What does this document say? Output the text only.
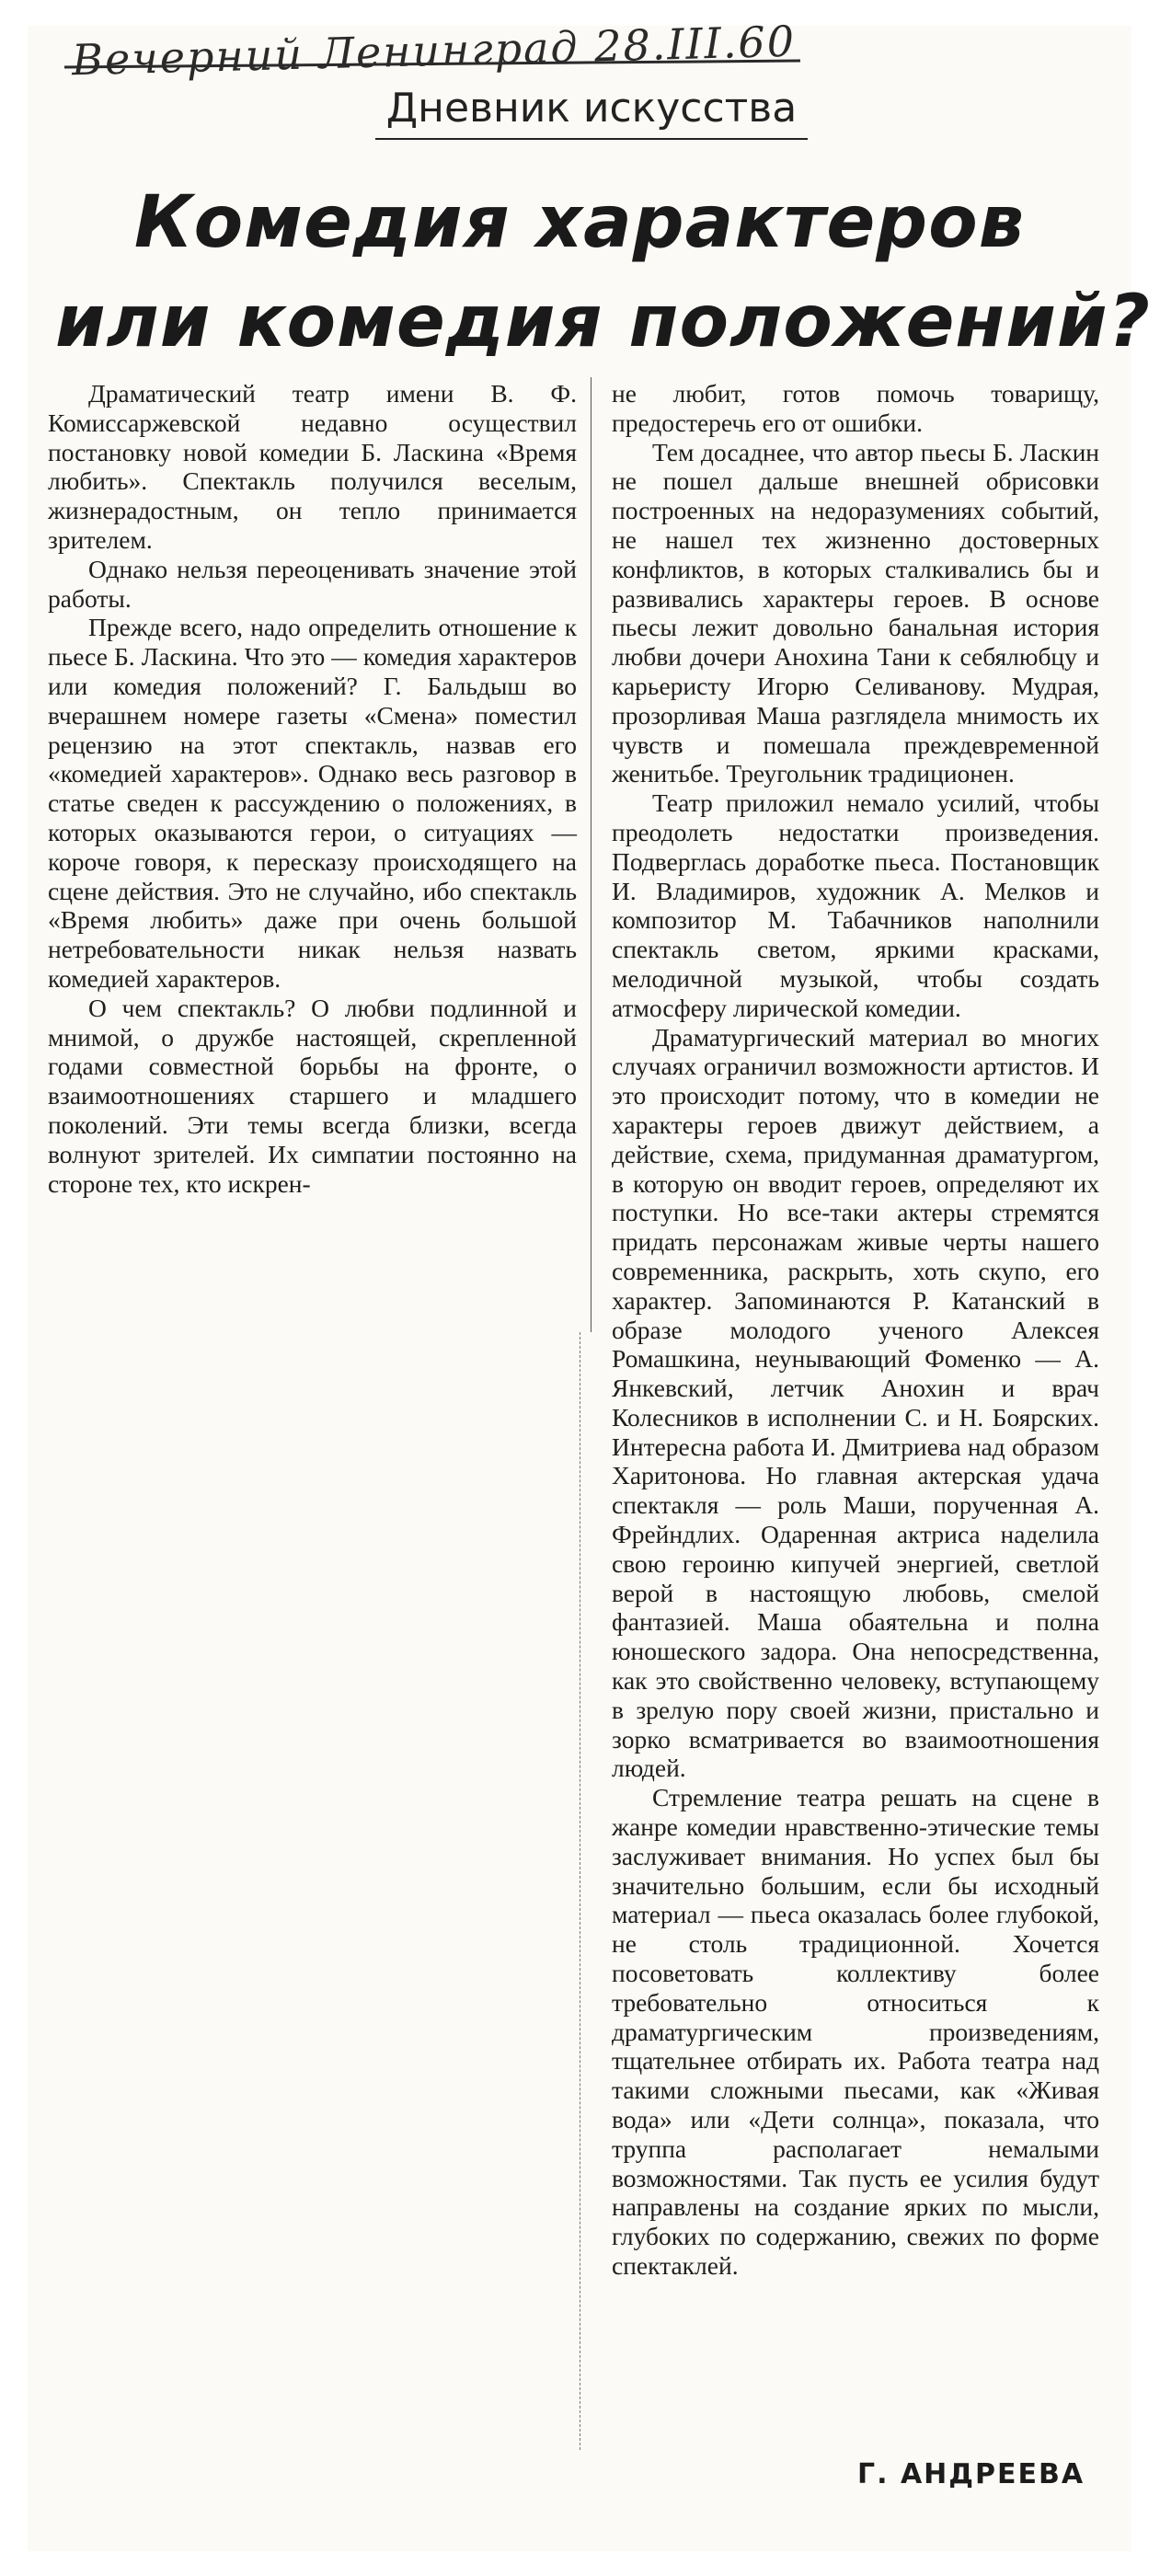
Вечерний Ленинград 28.III.60
Дневник искусства
Комедия характеров
или комедия положений?

Драматический театр имени В. Ф. Комиссаржевской недавно осуществил постановку новой комедии Б. Ласкина «Время любить». Спектакль получился веселым, жизнерадостным, он тепло принимается зрителем.

Однако нельзя переоценивать значение этой работы.

Прежде всего, надо определить отношение к пьесе Б. Ласкина. Что это — комедия характеров или комедия положений? Г. Бальдыш во вчерашнем номере газеты «Смена» поместил рецензию на этот спектакль, назвав его «комедией характеров». Однако весь разговор в статье сведен к рассуждению о положениях, в которых оказываются герои, о ситуациях — короче говоря, к пересказу происходящего на сцене действия. Это не случайно, ибо спектакль «Время любить» даже при очень большой нетребовательности никак нельзя назвать комедией характеров.

О чем спектакль? О любви подлинной и мнимой, о дружбе настоящей, скрепленной годами совместной борьбы на фронте, о взаимоотношениях старшего и младшего поколений. Эти темы всегда близки, всегда волнуют зрителей. Их симпатии постоянно на стороне тех, кто искрен-

не любит, готов помочь товарищу, предостеречь его от ошибки.

Тем досаднее, что автор пьесы Б. Ласкин не пошел дальше внешней обрисовки построенных на недоразумениях событий, не нашел тех жизненно достоверных конфликтов, в которых сталкивались бы и развивались характеры героев. В основе пьесы лежит довольно банальная история любви дочери Анохина Тани к себялюбцу и карьеристу Игорю Селиванову. Мудрая, прозорливая Маша разглядела мнимость их чувств и помешала преждевременной женитьбе. Треугольник традиционен.

Театр приложил немало усилий, чтобы преодолеть недостатки произведения. Подверглась доработке пьеса. Постановщик И. Владимиров, художник А. Мелков и композитор М. Табачников наполнили спектакль светом, яркими красками, мелодичной музыкой, чтобы создать атмосферу лирической комедии.

Драматургический материал во многих случаях ограничил возможности артистов. И это происходит потому, что в комедии не характеры героев движут действием, а действие, схема, придуманная драматургом, в которую он вводит героев, определяют их поступки. Но все-таки актеры стремятся придать персонажам живые черты нашего современника, раскрыть, хоть скупо, его характер. Запоминаются Р. Катанский в образе молодого ученого Алексея Ромашкина, неунывающий Фоменко — А. Янкевский, летчик Анохин и врач Колесников в исполнении С. и Н. Боярских. Интересна работа И. Дмитриева над образом Харитонова. Но главная актерская удача спектакля — роль Маши, порученная А. Фрейндлих. Одаренная актриса наделила свою героиню кипучей энергией, светлой верой в настоящую любовь, смелой фантазией. Маша обаятельна и полна юношеского задора. Она непосредственна, как это свойственно человеку, вступающему в зрелую пору своей жизни, пристально и зорко всматривается во взаимоотношения людей.

Стремление театра решать на сцене в жанре комедии нравственно-этические темы заслуживает внимания. Но успех был бы значительно большим, если бы исходный материал — пьеса оказалась более глубокой, не столь традиционной. Хочется посоветовать коллективу более требовательно относиться к драматургическим произведениям, тщательнее отбирать их. Работа театра над такими сложными пьесами, как «Живая вода» или «Дети солнца», показала, что труппа располагает немалыми возможностями. Так пусть ее усилия будут направлены на создание ярких по мысли, глубоких по содержанию, свежих по форме спектаклей.

Г. АНДРЕЕВА
